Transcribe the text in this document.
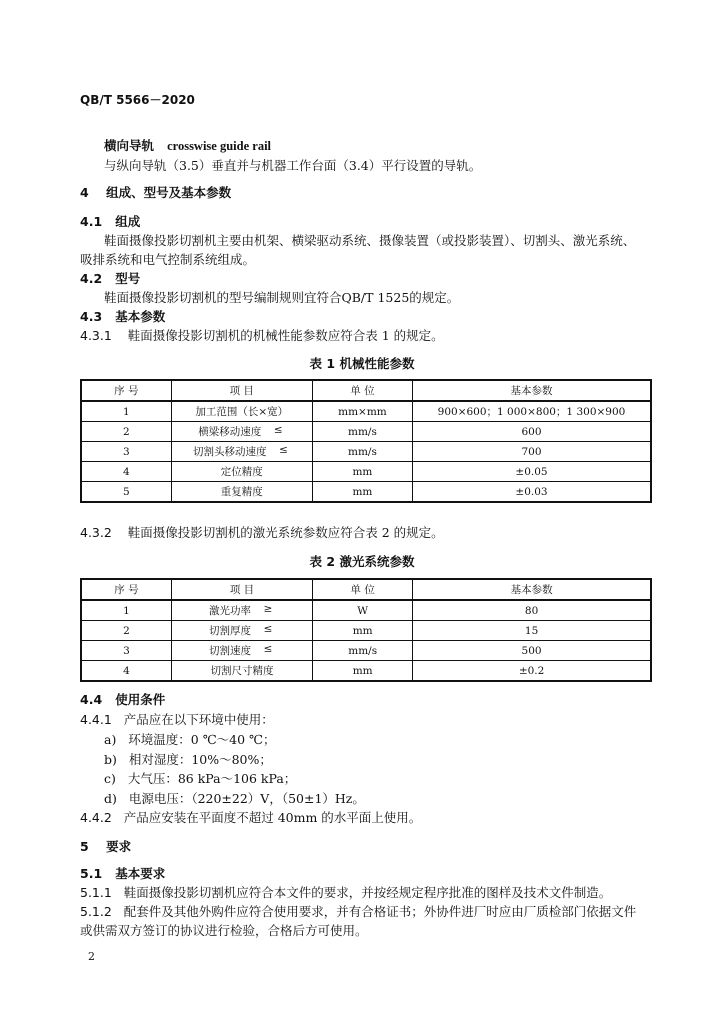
QB/T 5566－2020
横向导轨 crosswise guide rail
与纵向导轨（3.5）垂直并与机器工作台面（3.4）平行设置的导轨。
4 组成、型号及基本参数
4.1 组成
鞋面摄像投影切割机主要由机架、横梁驱动系统、摄像装置（或投影装置）、切割头、激光系统、
吸排系统和电气控制系统组成。
4.2 型号
鞋面摄像投影切割机的型号编制规则宜符合QB/T 1525的规定。
4.3 基本参数
4.3.1 鞋面摄像投影切割机的机械性能参数应符合表 1 的规定。
表 1 机械性能参数
序 号	项 目	单 位	基本参数
1	加工范围（长×宽）	mm×mm	900×600；1 000×800；1 300×900
2	横梁移动速度 ≤	mm/s	600
3	切割头移动速度 ≤	mm/s	700
4	定位精度	mm	±0.05
5	重复精度	mm	±0.03
4.3.2 鞋面摄像投影切割机的激光系统参数应符合表 2 的规定。
表 2 激光系统参数
序 号	项 目	单 位	基本参数
1	激光功率 ≥	W	80
2	切割厚度 ≤	mm	15
3	切割速度 ≤	mm/s	500
4	切割尺寸精度	mm	±0.2
4.4 使用条件
4.4.1 产品应在以下环境中使用：
a) 环境温度：0 ℃～40 ℃；
b) 相对湿度：10%～80%；
c) 大气压：86 kPa～106 kPa；
d) 电源电压：（220±22）V，（50±1）Hz。
4.4.2 产品应安装在平面度不超过 40mm 的水平面上使用。
5 要求
5.1 基本要求
5.1.1 鞋面摄像投影切割机应符合本文件的要求，并按经规定程序批准的图样及技术文件制造。
5.1.2 配套件及其他外购件应符合使用要求，并有合格证书；外协件进厂时应由厂质检部门依据文件
或供需双方签订的协议进行检验，合格后方可使用。
2
